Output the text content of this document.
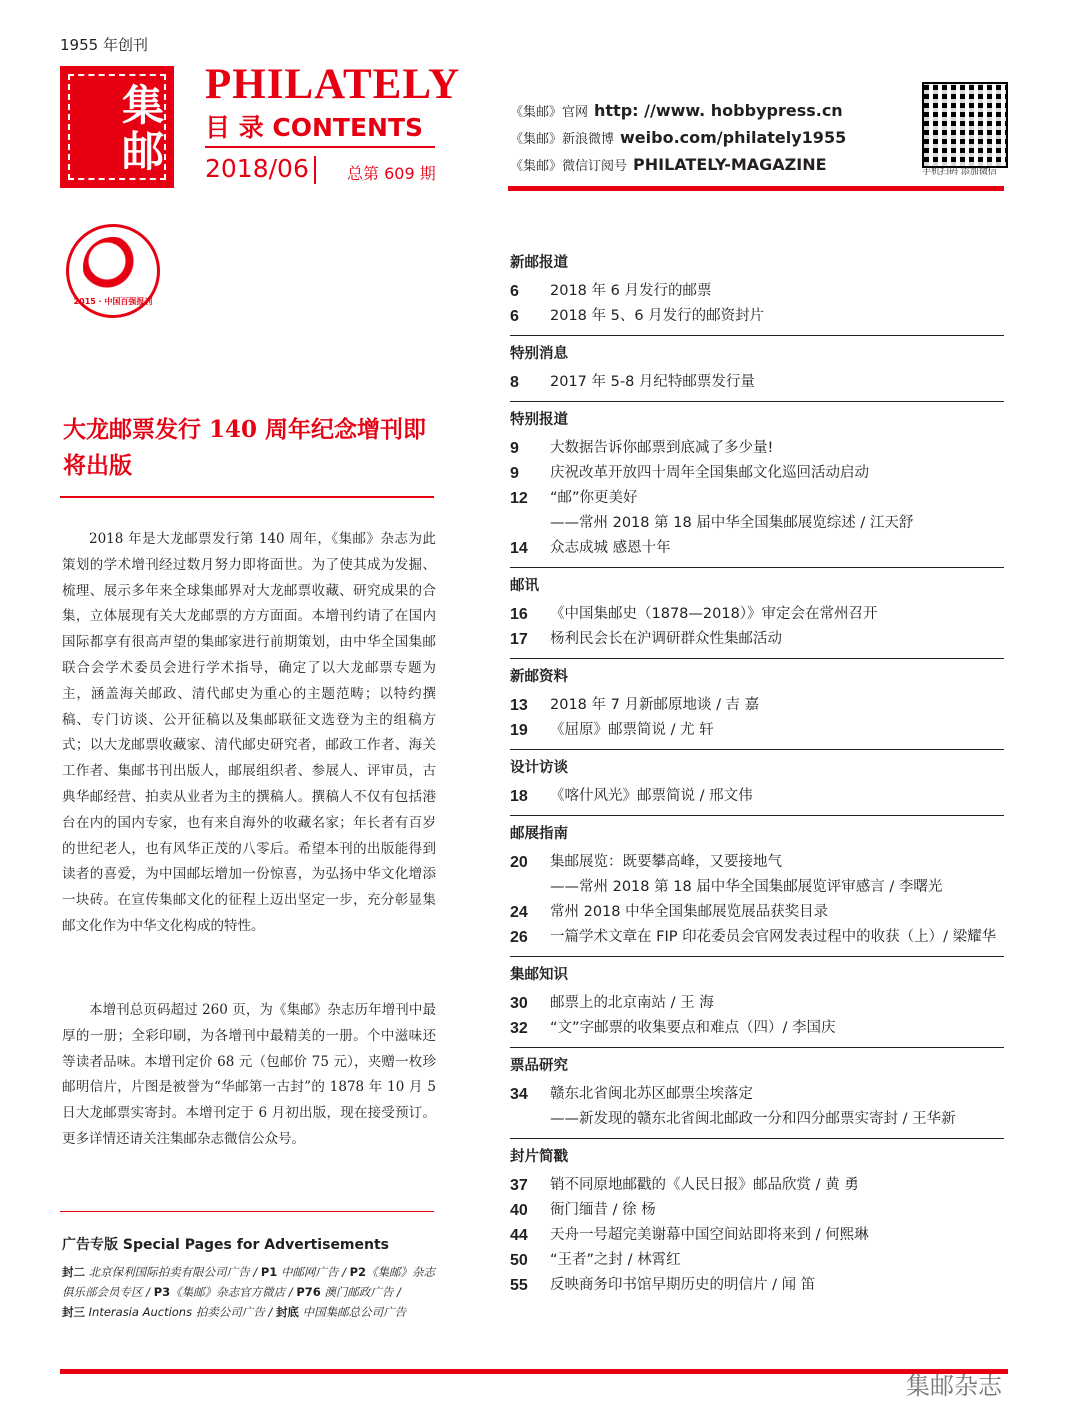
1955 年创刊
集邮 PHILATELY
目 录 CONTENTS
2018/06 总第 609 期
《集邮》官网 http: //www. hobbypress.cn
《集邮》新浪微博 weibo.com/philately1955
《集邮》微信订阅号 PHILATELY-MAGAZINE	手机扫码 添加微信
2015 · 中国百强报刊
大龙邮票发行 140 周年纪念增刊即将出版

2018 年是大龙邮票发行第 140 周年，《集邮》杂志为此策划的学术增刊经过数月努力即将面世。为了使其成为发掘、梳理、展示多年来全球集邮界对大龙邮票收藏、研究成果的合集，立体展现有关大龙邮票的方方面面。本增刊约请了在国内国际都享有很高声望的集邮家进行前期策划，由中华全国集邮联合会学术委员会进行学术指导，确定了以大龙邮票专题为主，涵盖海关邮政、清代邮史为重心的主题范畴；以特约撰稿、专门访谈、公开征稿以及集邮联征文选登为主的组稿方式；以大龙邮票收藏家、清代邮史研究者，邮政工作者、海关工作者、集邮书刊出版人，邮展组织者、参展人、评审员，古典华邮经营、拍卖从业者为主的撰稿人。撰稿人不仅有包括港台在内的国内专家，也有来自海外的收藏名家；年长者有百岁的世纪老人，也有风华正茂的八零后。希望本刊的出版能得到读者的喜爱，为中国邮坛增加一份惊喜，为弘扬中华文化增添一块砖。在宣传集邮文化的征程上迈出坚定一步，充分彰显集邮文化作为中华文化构成的特性。

本增刊总页码超过 260 页，为《集邮》杂志历年增刊中最厚的一册；全彩印刷，为各增刊中最精美的一册。个中滋味还等读者品味。本增刊定价 68 元（包邮价 75 元），夹赠一枚珍邮明信片，片图是被誉为“华邮第一古封”的 1878 年 10 月 5 日大龙邮票实寄封。本增刊定于 6 月初出版，现在接受预订。更多详情还请关注集邮杂志微信公众号。

广告专版 Special Pages for Advertisements
封二 北京保利国际拍卖有限公司广告 / P1 中邮网广告 / P2《集邮》杂志俱乐部会员专区 / P3《集邮》杂志官方微店 / P76 澳门邮政广告 /
封三 Interasia Auctions 拍卖公司广告 / 封底 中国集邮总公司广告
新邮报道
6	2018 年 6 月发行的邮票
6	2018 年 5、6 月发行的邮资封片
特别消息
8	2017 年 5-8 月纪特邮票发行量
特别报道
9	大数据告诉你邮票到底减了多少量!
9	庆祝改革开放四十周年全国集邮文化巡回活动启动
12	“邮”你更美好
——常州 2018 第 18 届中华全国集邮展览综述 / 江天舒
14	众志成城 感恩十年
邮讯
16	《中国集邮史（1878—2018）》审定会在常州召开
17	杨利民会长在沪调研群众性集邮活动
新邮资料
13	2018 年 7 月新邮原地谈 / 吉 嘉
19	《屈原》邮票简说 / 尤 轩
设计访谈
18	《喀什风光》邮票简说 / 邢文伟
邮展指南
20	集邮展览：既要攀高峰，又要接地气
——常州 2018 第 18 届中华全国集邮展览评审感言 / 李曙光
24	常州 2018 中华全国集邮展览展品获奖目录
26	一篇学术文章在 FIP 印花委员会官网发表过程中的收获（上）/ 梁耀华
集邮知识
30	邮票上的北京南站 / 王 海
32	“文”字邮票的收集要点和难点（四）/ 李国庆
票品研究
34	赣东北省闽北苏区邮票尘埃落定
——新发现的赣东北省闽北邮政一分和四分邮票实寄封 / 王华新
封片简戳
37	销不同原地邮戳的《人民日报》邮品欣赏 / 黄 勇
40	衙门缅昔 / 徐 杨
44	天舟一号超完美谢幕中国空间站即将来到 / 何熙琳
50	“王者”之封 / 林霄红
55	反映商务印书馆早期历史的明信片 / 闻 笛
集邮杂志
